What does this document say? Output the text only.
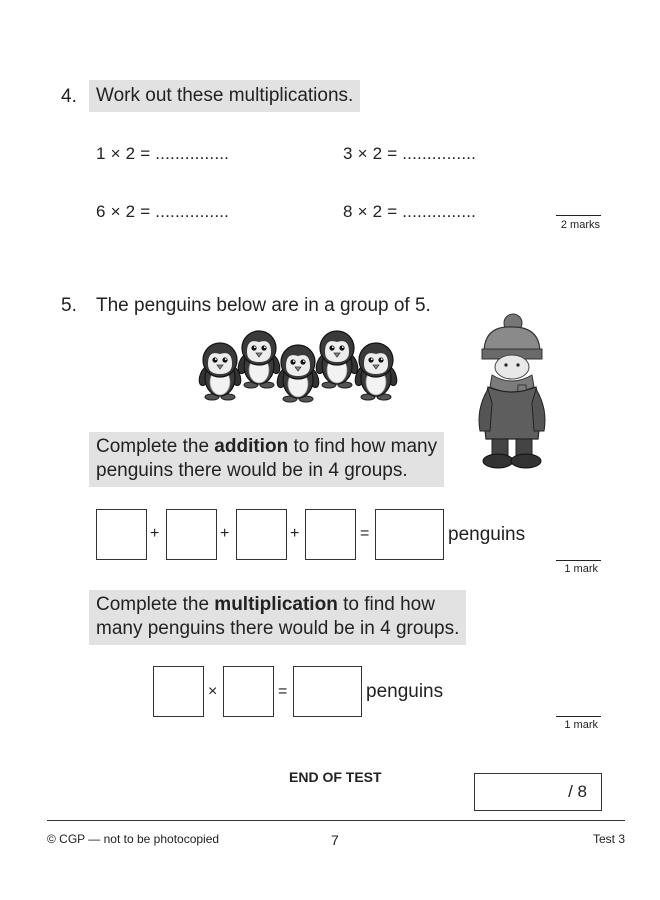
4.	Work out these multiplications.
1 × 2 = ...............	3 × 2 = ...............
6 × 2 = ...............	8 × 2 = ...............
2 marks
5. The penguins below are in a group of 5.
Complete the addition to find how many
penguins there would be in 4 groups.
+	+	+	=	penguins
1 mark
Complete the multiplication to find how
many penguins there would be in 4 groups.
×	=	penguins
1 mark
END OF TEST
/ 8
© CGP — not to be photocopied	7	Test 3
